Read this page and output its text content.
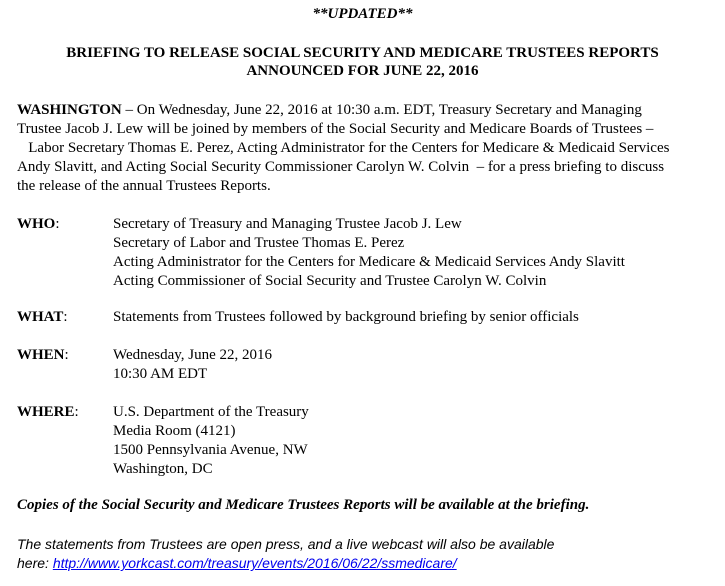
**UPDATED**
BRIEFING TO RELEASE SOCIAL SECURITY AND MEDICARE TRUSTEES REPORTS
ANNOUNCED FOR JUNE 22, 2016
WASHINGTON – On Wednesday, June 22, 2016 at 10:30 a.m. EDT, Treasury Secretary and Managing
Trustee Jacob J. Lew will be joined by members of the Social Security and Medicare Boards of Trustees –
Labor Secretary Thomas E. Perez, Acting Administrator for the Centers for Medicare & Medicaid Services
Andy Slavitt, and Acting Social Security Commissioner Carolyn W. Colvin  – for a press briefing to discuss
the release of the annual Trustees Reports.
WHO:	Secretary of Treasury and Managing Trustee Jacob J. Lew
Secretary of Labor and Trustee Thomas E. Perez
Acting Administrator for the Centers for Medicare & Medicaid Services Andy Slavitt
Acting Commissioner of Social Security and Trustee Carolyn W. Colvin
WHAT:	Statements from Trustees followed by background briefing by senior officials
WHEN:	Wednesday, June 22, 2016
10:30 AM EDT
WHERE: U.S. Department of the Treasury
Media Room (4121)
1500 Pennsylvania Avenue, NW
Washington, DC
Copies of the Social Security and Medicare Trustees Reports will be available at the briefing.
The statements from Trustees are open press, and a live webcast will also be available
here: http://www.yorkcast.com/treasury/events/2016/06/22/ssmedicare/
